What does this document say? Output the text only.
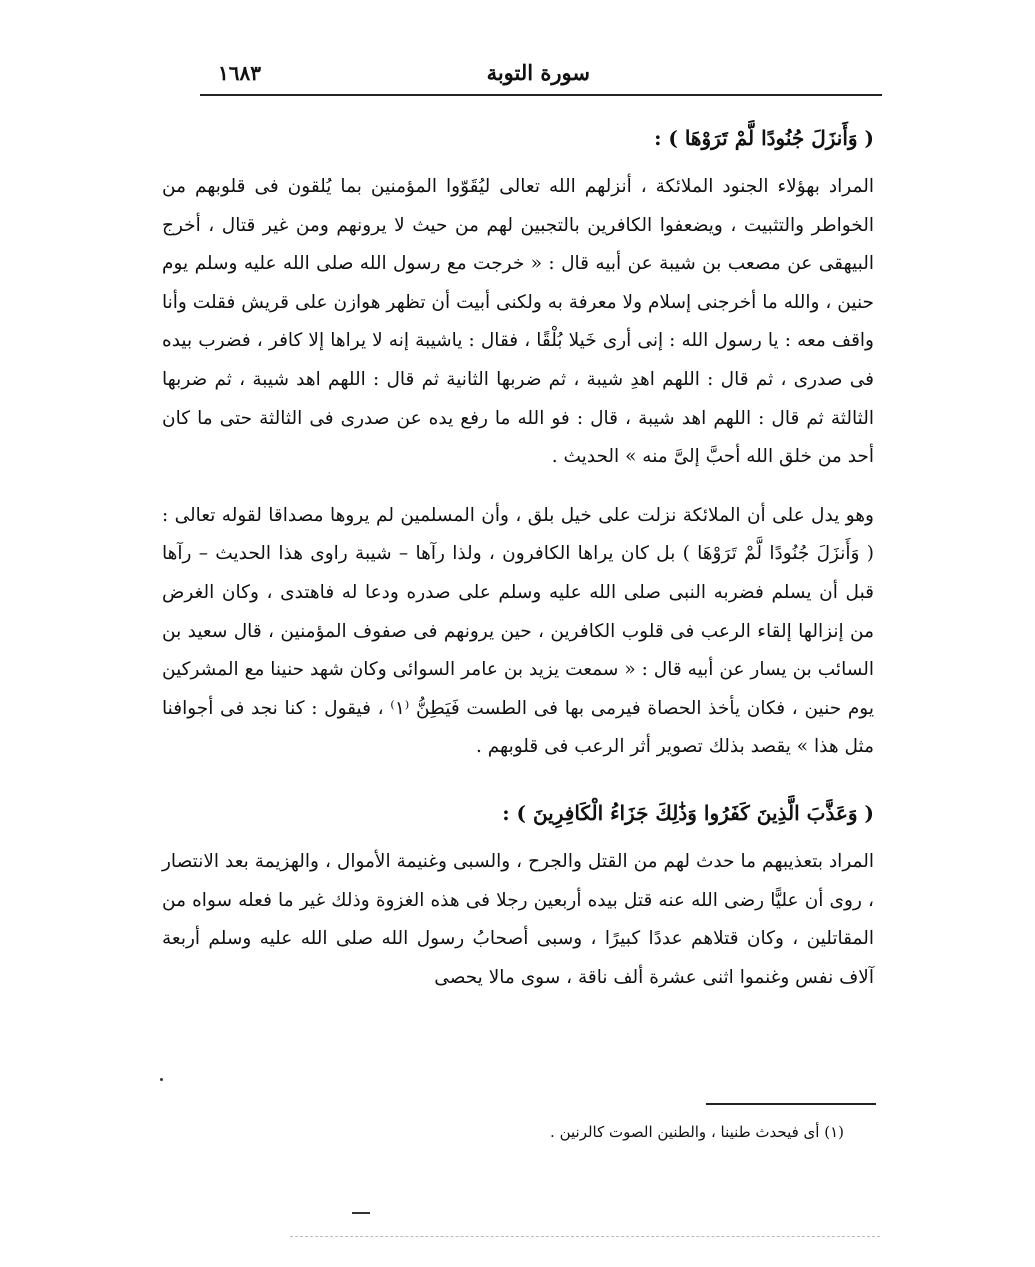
سورة التوبة
١٦٨٣

( وَأَنزَلَ جُنُودًا لَّمْ تَرَوْهَا ) :

المراد بهؤلاء الجنود الملائكة ، أنزلهم الله تعالى ليُقَوّوا المؤمنين بما يُلقون فى قلوبهم من الخواطر والتثبيت ، ويضعفوا الكافرين بالتجبين لهم من حيث لا يرونهم ومن غير قتال ، أخرج البيهقى عن مصعب بن شيبة عن أبيه قال : « خرجت مع رسول الله صلى الله عليه وسلم يوم حنين ، والله ما أخرجنى إسلام ولا معرفة به ولكنى أبيت أن تظهر هوازن على قريش فقلت وأنا واقف معه : يا رسول الله : إنى أرى خَيلا بُلْقًا ، فقال : ياشيبة إنه لا يراها إلا كافر ، فضرب بيده فى صدرى ، ثم قال : اللهم اهدِ شيبة ، ثم ضربها الثانية ثم قال : اللهم اهد شيبة ، ثم ضربها الثالثة ثم قال : اللهم اهد شيبة ، قال : فو الله ما رفع يده عن صدرى فى الثالثة حتى ما كان أحد من خلق الله أحبَّ إلىَّ منه » الحديث .

وهو يدل على أن الملائكة نزلت على خيل بلق ، وأن المسلمين لم يروها مصداقا لقوله تعالى : ( وَأَنزَلَ جُنُودًا لَّمْ تَرَوْهَا ) بل كان يراها الكافرون ، ولذا رآها – شيبة راوى هذا الحديث – رآها قبل أن يسلم فضربه النبى صلى الله عليه وسلم على صدره ودعا له فاهتدى ، وكان الغرض من إنزالها إلقاء الرعب فى قلوب الكافرين ، حين يرونهم فى صفوف المؤمنين ، قال سعيد بن السائب بن يسار عن أبيه قال : « سمعت يزيد بن عامر السوائى وكان شهد حنينا مع المشركين يوم حنين ، فكان يأخذ الحصاة فيرمى بها فى الطست فَيَطِنُّ ⁽١⁾ ، فيقول : كنا نجد فى أجوافنا مثل هذا » يقصد بذلك تصوير أثر الرعب فى قلوبهم .

( وَعَذَّبَ الَّذِينَ كَفَرُوا وَذَٰلِكَ جَزَاءُ الْكَافِرِينَ ) :

المراد بتعذيبهم ما حدث لهم من القتل والجرح ، والسبى وغنيمة الأموال ، والهزيمة بعد الانتصار ، روى أن عليًّا رضى الله عنه قتل بيده أربعين رجلا فى هذه الغزوة وذلك غير ما فعله سواه من المقاتلين ، وكان قتلاهم عددًا كبيرًا ، وسبى أصحابُ رسول الله صلى الله عليه وسلم أربعة آلاف نفس وغنموا اثنى عشرة ألف ناقة ، سوى مالا يحصى

(١) أى فيحدث طنينا ، والطنين الصوت كالرنين .
